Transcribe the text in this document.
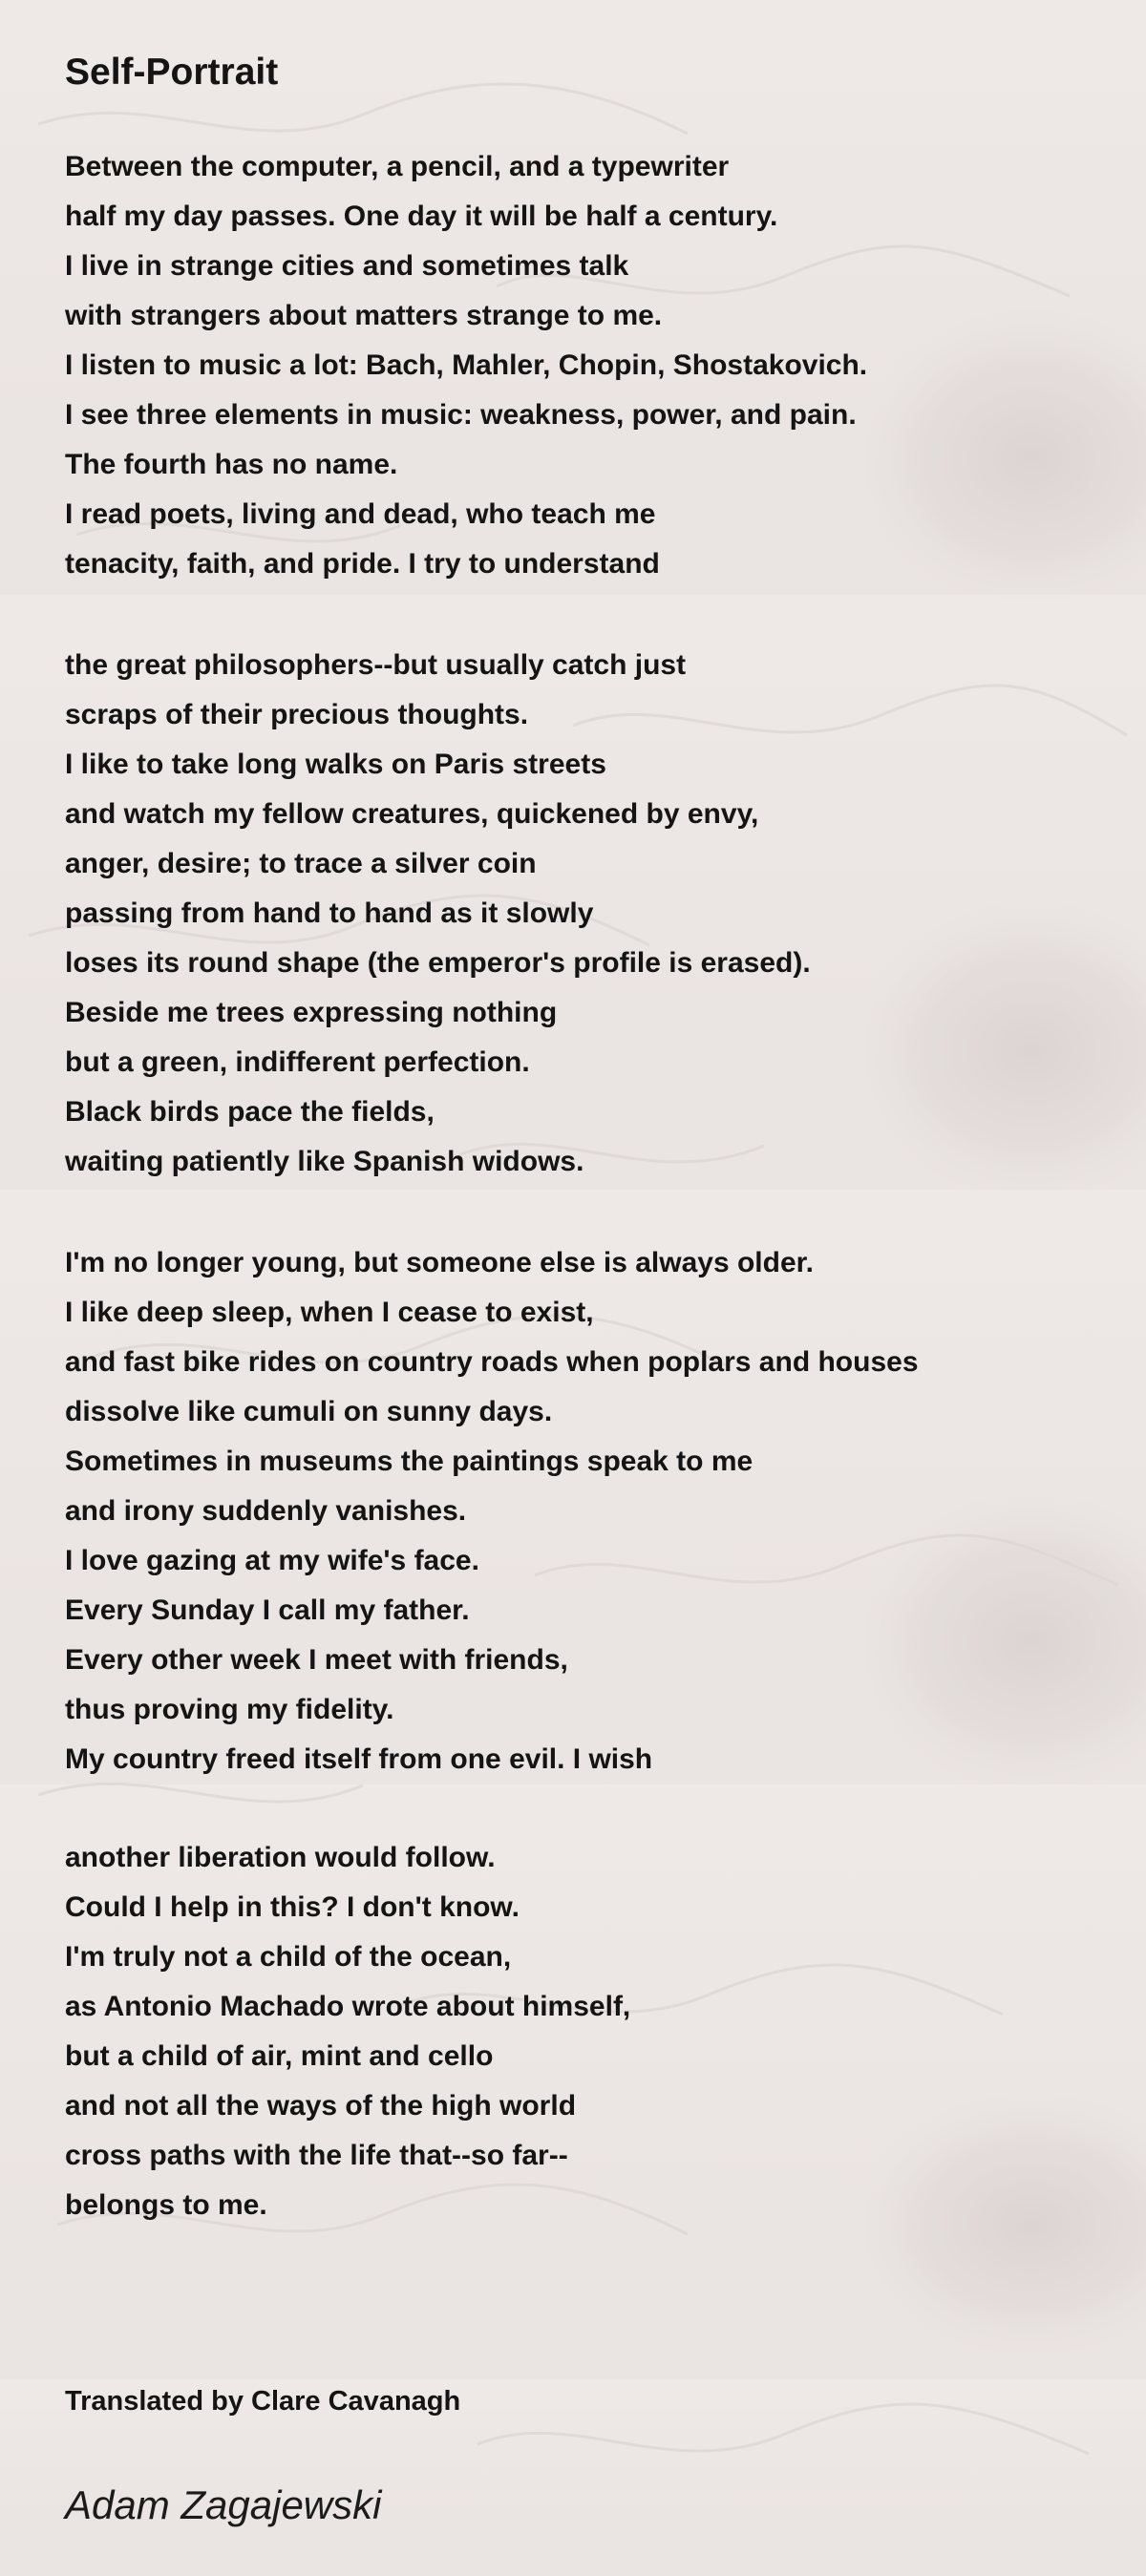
Self-Portrait
Between the computer, a pencil, and a typewriter
half my day passes. One day it will be half a century.
I live in strange cities and sometimes talk
with strangers about matters strange to me.
I listen to music a lot: Bach, Mahler, Chopin, Shostakovich.
I see three elements in music: weakness, power, and pain.
The fourth has no name.
I read poets, living and dead, who teach me
tenacity, faith, and pride. I try to understand
the great philosophers--but usually catch just
scraps of their precious thoughts.
I like to take long walks on Paris streets
and watch my fellow creatures, quickened by envy,
anger, desire; to trace a silver coin
passing from hand to hand as it slowly
loses its round shape (the emperor's profile is erased).
Beside me trees expressing nothing
but a green, indifferent perfection.
Black birds pace the fields,
waiting patiently like Spanish widows.
I'm no longer young, but someone else is always older.
I like deep sleep, when I cease to exist,
and fast bike rides on country roads when poplars and houses
dissolve like cumuli on sunny days.
Sometimes in museums the paintings speak to me
and irony suddenly vanishes.
I love gazing at my wife's face.
Every Sunday I call my father.
Every other week I meet with friends,
thus proving my fidelity.
My country freed itself from one evil. I wish
another liberation would follow.
Could I help in this? I don't know.
I'm truly not a child of the ocean,
as Antonio Machado wrote about himself,
but a child of air, mint and cello
and not all the ways of the high world
cross paths with the life that--so far--
belongs to me.
Translated by Clare Cavanagh
Adam Zagajewski
